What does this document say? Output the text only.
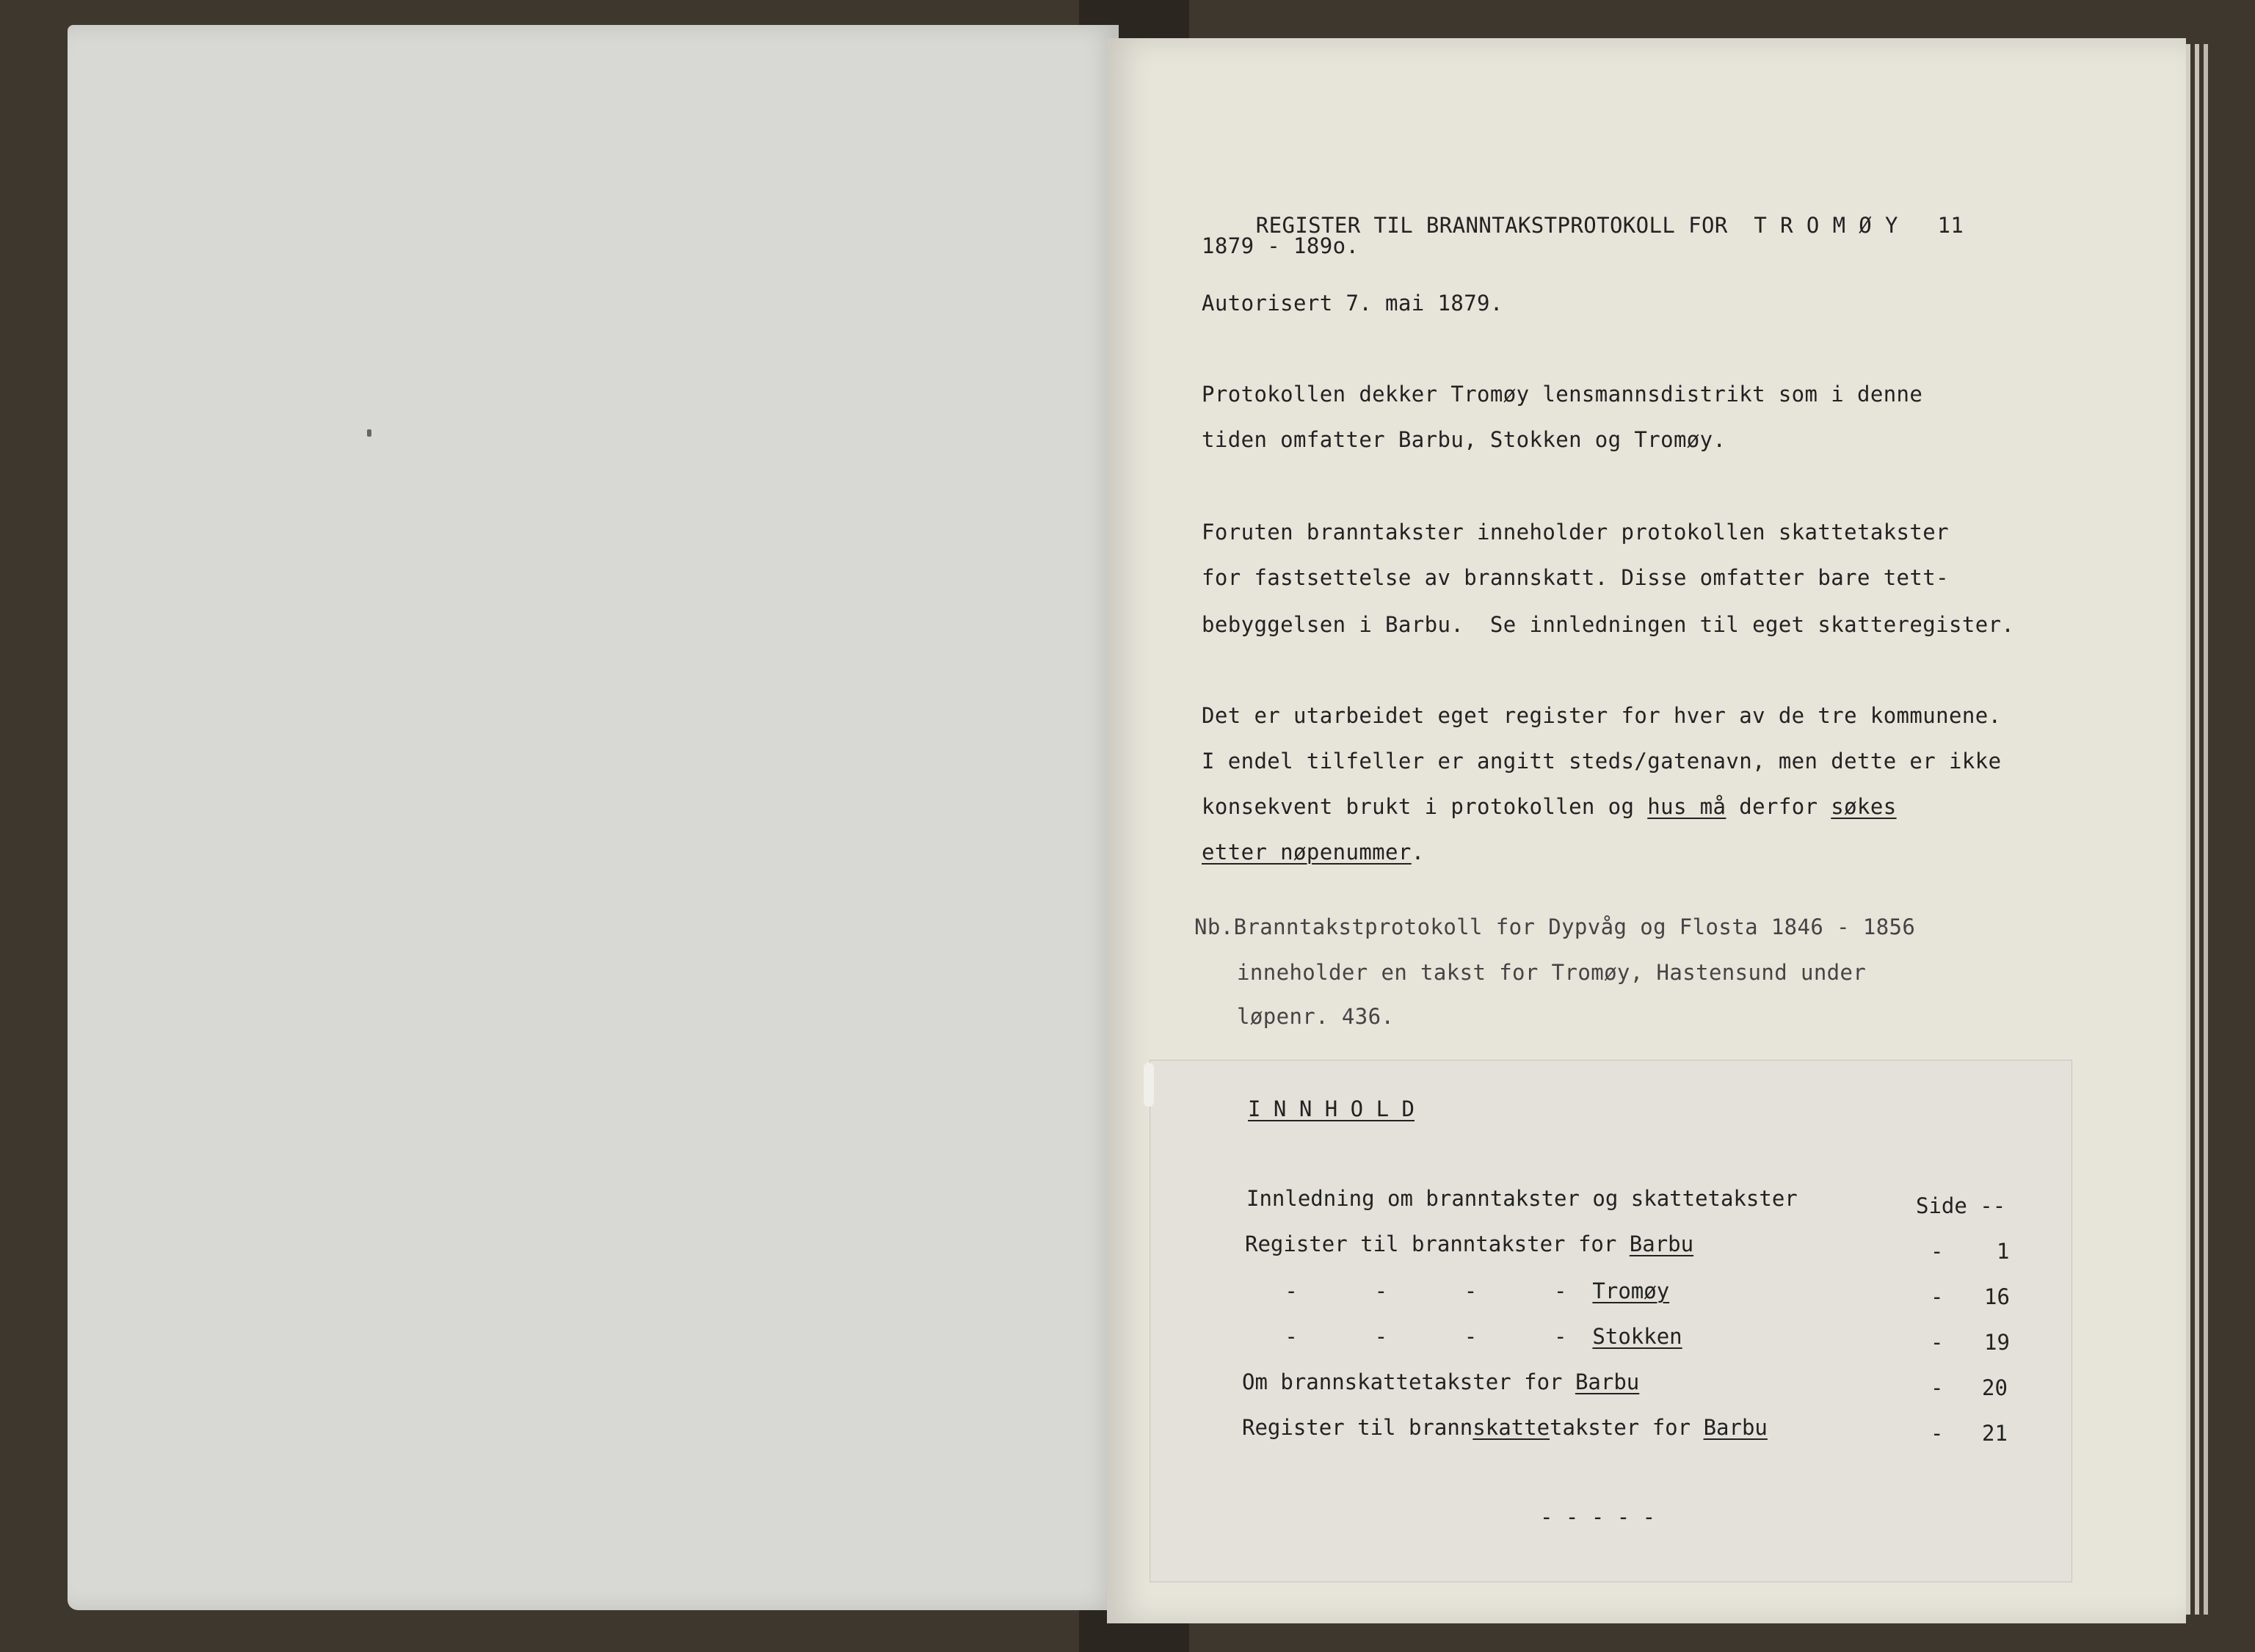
REGISTER TIL BRANNTAKSTPROTOKOLL FOR T R O M Ø Y 11

1879 - 189o.
Autorisert 7. mai 1879.
Protokollen dekker Tromøy lensmannsdistrikt som i denne
tiden omfatter Barbu, Stokken og Tromøy.
Foruten branntakster inneholder protokollen skattetakster
for fastsettelse av brannskatt. Disse omfatter bare tett-
bebyggelsen i Barbu.  Se innledningen til eget skatteregister.
Det er utarbeidet eget register for hver av de tre kommunene.
I endel tilfeller er angitt steds/gatenavn, men dette er ikke
konsekvent brukt i protokollen og hus må derfor søkes
etter nøpenummer.
Nb.Branntakstprotokoll for Dypvåg og Flosta 1846 - 1856
inneholder en takst for Tromøy, Hastensund under
løpenr. 436.
I N N H O L D
Innledning om branntakster og skattetakster	Side --
Register til branntakster for Barbu	-	1
-      -      -      -  Tromøy	- 16
-      -      -      -  Stokken	- 19
Om brannskattetakster for Barbu	- 20
Register til brannskattetakster for Barbu	- 21
- - - - -
